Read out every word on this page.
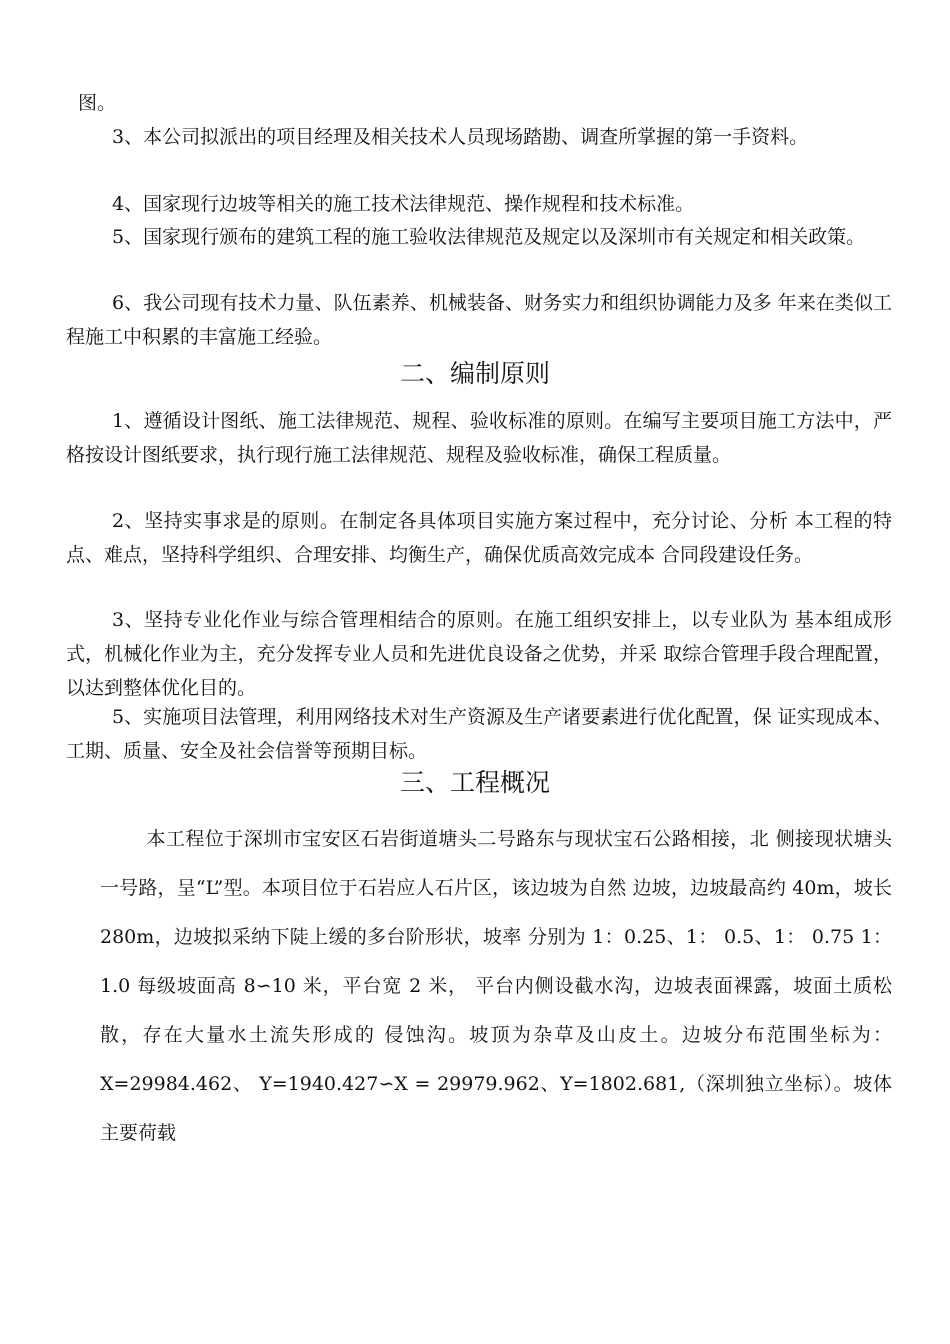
图。

3、本公司拟派出的项目经理及相关技术人员现场踏勘、调查所掌握的第一手资料。

4、国家现行边坡等相关的施工技术法律规范、操作规程和技术标准。

5、国家现行颁布的建筑工程的施工验收法律规范及规定以及深圳市有关规定和相关政策。

6、我公司现有技术力量、队伍素养、机械装备、财务实力和组织协调能力及多 年来在类似工程施工中积累的丰富施工经验。

二、编制原则

1、遵循设计图纸、施工法律规范、规程、验收标准的原则。在编写主要项目施工方法中，严格按设计图纸要求，执行现行施工法律规范、规程及验收标准，确保工程质量。

2、坚持实事求是的原则。在制定各具体项目实施方案过程中，充分讨论、分析 本工程的特点、难点，坚持科学组织、合理安排、均衡生产，确保优质高效完成本 合同段建设任务。

3、坚持专业化作业与综合管理相结合的原则。在施工组织安排上，以专业队为 基本组成形式，机械化作业为主，充分发挥专业人员和先进优良设备之优势，并采 取综合管理手段合理配置，以达到整体优化目的。

5、实施项目法管理，利用网络技术对生产资源及生产诸要素进行优化配置，保 证实现成本、工期、质量、安全及社会信誉等预期目标。

三、工程概况

本工程位于深圳市宝安区石岩街道塘头二号路东与现状宝石公路相接，北 侧接现状塘头一号路，呈“L”型。本项目位于石岩应人石片区，该边坡为自然 边坡，边坡最高约 40m，坡长 280m，边坡拟采纳下陡上缓的多台阶形状，坡率 分别为 1：0.25、1： 0.5、1： 0.75 1： 1.0 每级坡面高 8∽10 米，平台宽 2 米， 平台内侧设截水沟，边坡表面裸露，坡面土质松散，存在大量水土流失形成的 侵蚀沟。坡顶为杂草及山皮土。边坡分布范围坐标为：X=29984.462、 Y=1940.427∽X = 29979.962、Y=1802.681,（深圳独立坐标）。坡体主要荷载
